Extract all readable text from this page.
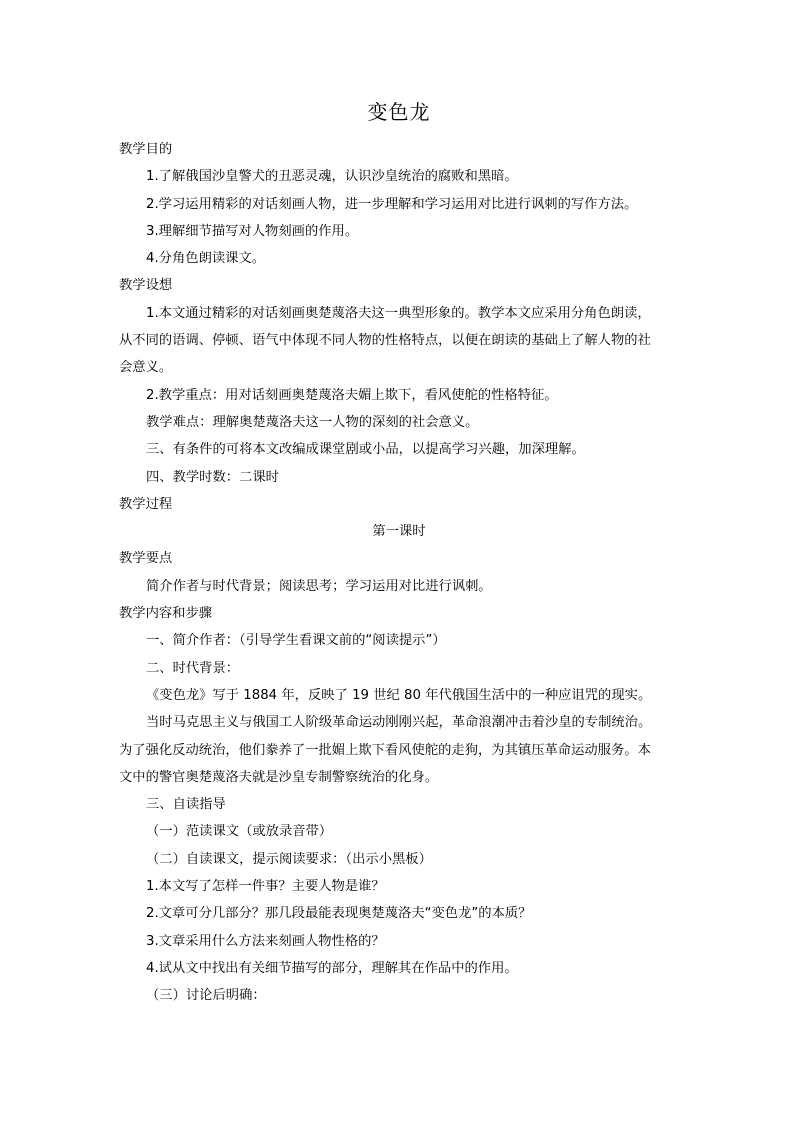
变色龙
教学目的
1.了解俄国沙皇警犬的丑恶灵魂，认识沙皇统治的腐败和黑暗。
2.学习运用精彩的对话刻画人物，进一步理解和学习运用对比进行讽刺的写作方法。
3.理解细节描写对人物刻画的作用。
4.分角色朗读课文。
教学设想
1.本文通过精彩的对话刻画奥楚蔑洛夫这一典型形象的。教学本文应采用分角色朗读，
从不同的语调、停顿、语气中体现不同人物的性格特点，以便在朗读的基础上了解人物的社
会意义。
2.教学重点：用对话刻画奥楚蔑洛夫媚上欺下，看风使舵的性格特征。
教学难点：理解奥楚蔑洛夫这一人物的深刻的社会意义。
三、有条件的可将本文改编成课堂剧或小品，以提高学习兴趣，加深理解。
四、教学时数：二课时
教学过程
第一课时
教学要点
简介作者与时代背景；阅读思考；学习运用对比进行讽刺。
教学内容和步骤
一、简介作者：（引导学生看课文前的“阅读提示”）
二、时代背景：
《变色龙》写于 1884 年，反映了 19 世纪 80 年代俄国生活中的一种应诅咒的现实。
当时马克思主义与俄国工人阶级革命运动刚刚兴起，革命浪潮冲击着沙皇的专制统治。
为了强化反动统治，他们豢养了一批媚上欺下看风使舵的走狗，为其镇压革命运动服务。本
文中的警官奥楚蔑洛夫就是沙皇专制警察统治的化身。
三、自读指导
（一）范读课文（或放录音带）
（二）自读课文，提示阅读要求：（出示小黑板）
1.本文写了怎样一件事？主要人物是谁？
2.文章可分几部分？那几段最能表现奥楚蔑洛夫“变色龙”的本质？
3.文章采用什么方法来刻画人物性格的？
4.试从文中找出有关细节描写的部分，理解其在作品中的作用。
（三）讨论后明确：
